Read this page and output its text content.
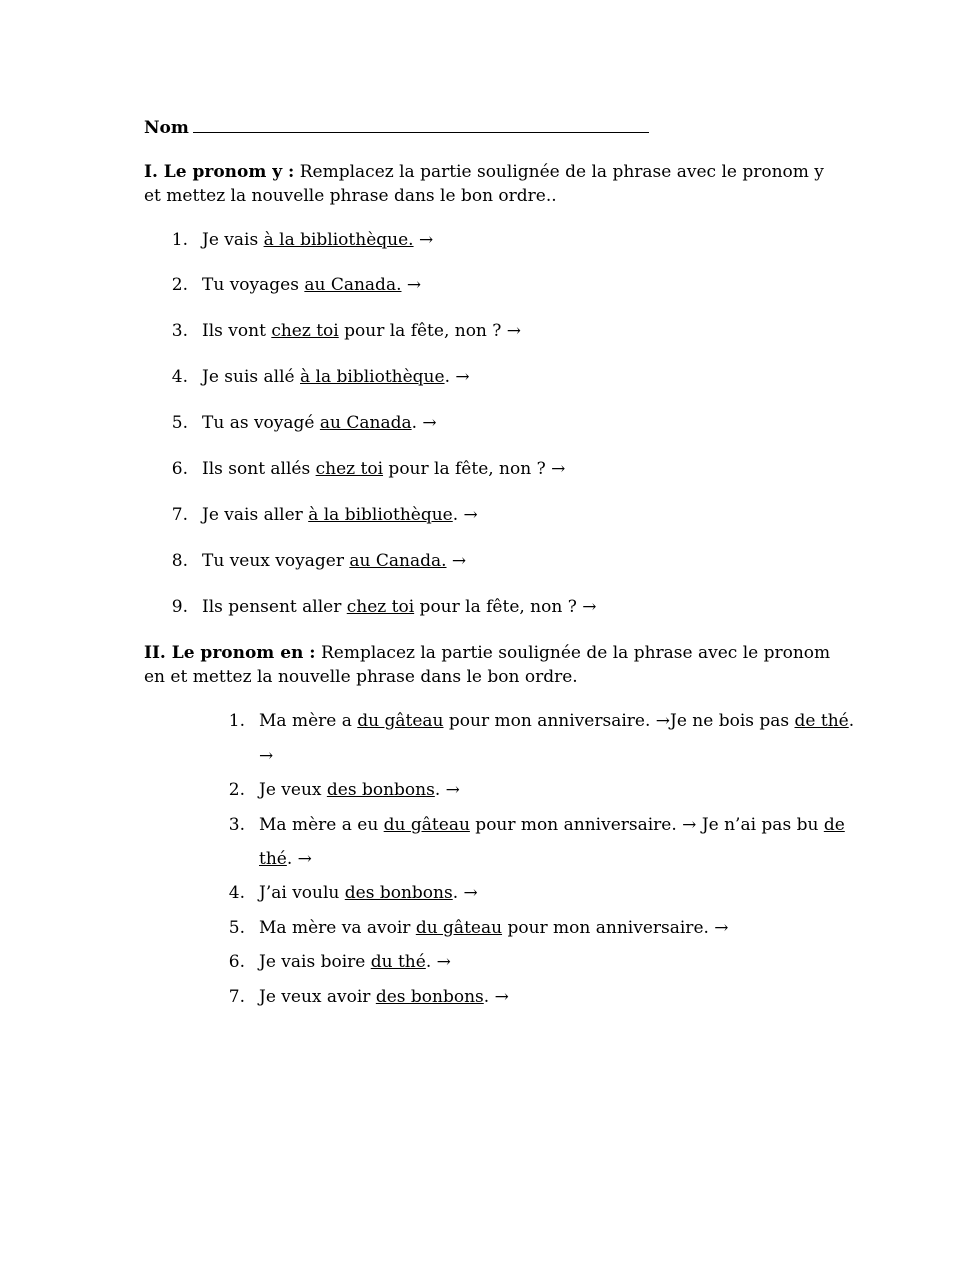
Nom
I. Le pronom y : Remplacez la partie soulignée de la phrase avec le pronom y et mettez la nouvelle phrase dans le bon ordre..
1. Je vais à la bibliothèque. →
2. Tu voyages au Canada. →
3. Ils vont chez toi pour la fête, non ? →
4. Je suis allé à la bibliothèque. →
5. Tu as voyagé au Canada. →
6. Ils sont allés chez toi pour la fête, non ? →
7. Je vais aller à la bibliothèque. →
8. Tu veux voyager au Canada. →
9. Ils pensent aller chez toi pour la fête, non ? →
II. Le pronom en : Remplacez la partie soulignée de la phrase avec le pronom en et mettez la nouvelle phrase dans le bon ordre.
1. Ma mère a du gâteau pour mon anniversaire. →Je ne bois pas de thé.
→
2. Je veux des bonbons. →
3. Ma mère a eu du gâteau pour mon anniversaire. → Je n’ai pas bu de
thé. →
4. J’ai voulu des bonbons. →
5. Ma mère va avoir du gâteau pour mon anniversaire. →
6. Je vais boire du thé. →
7. Je veux avoir des bonbons. →
